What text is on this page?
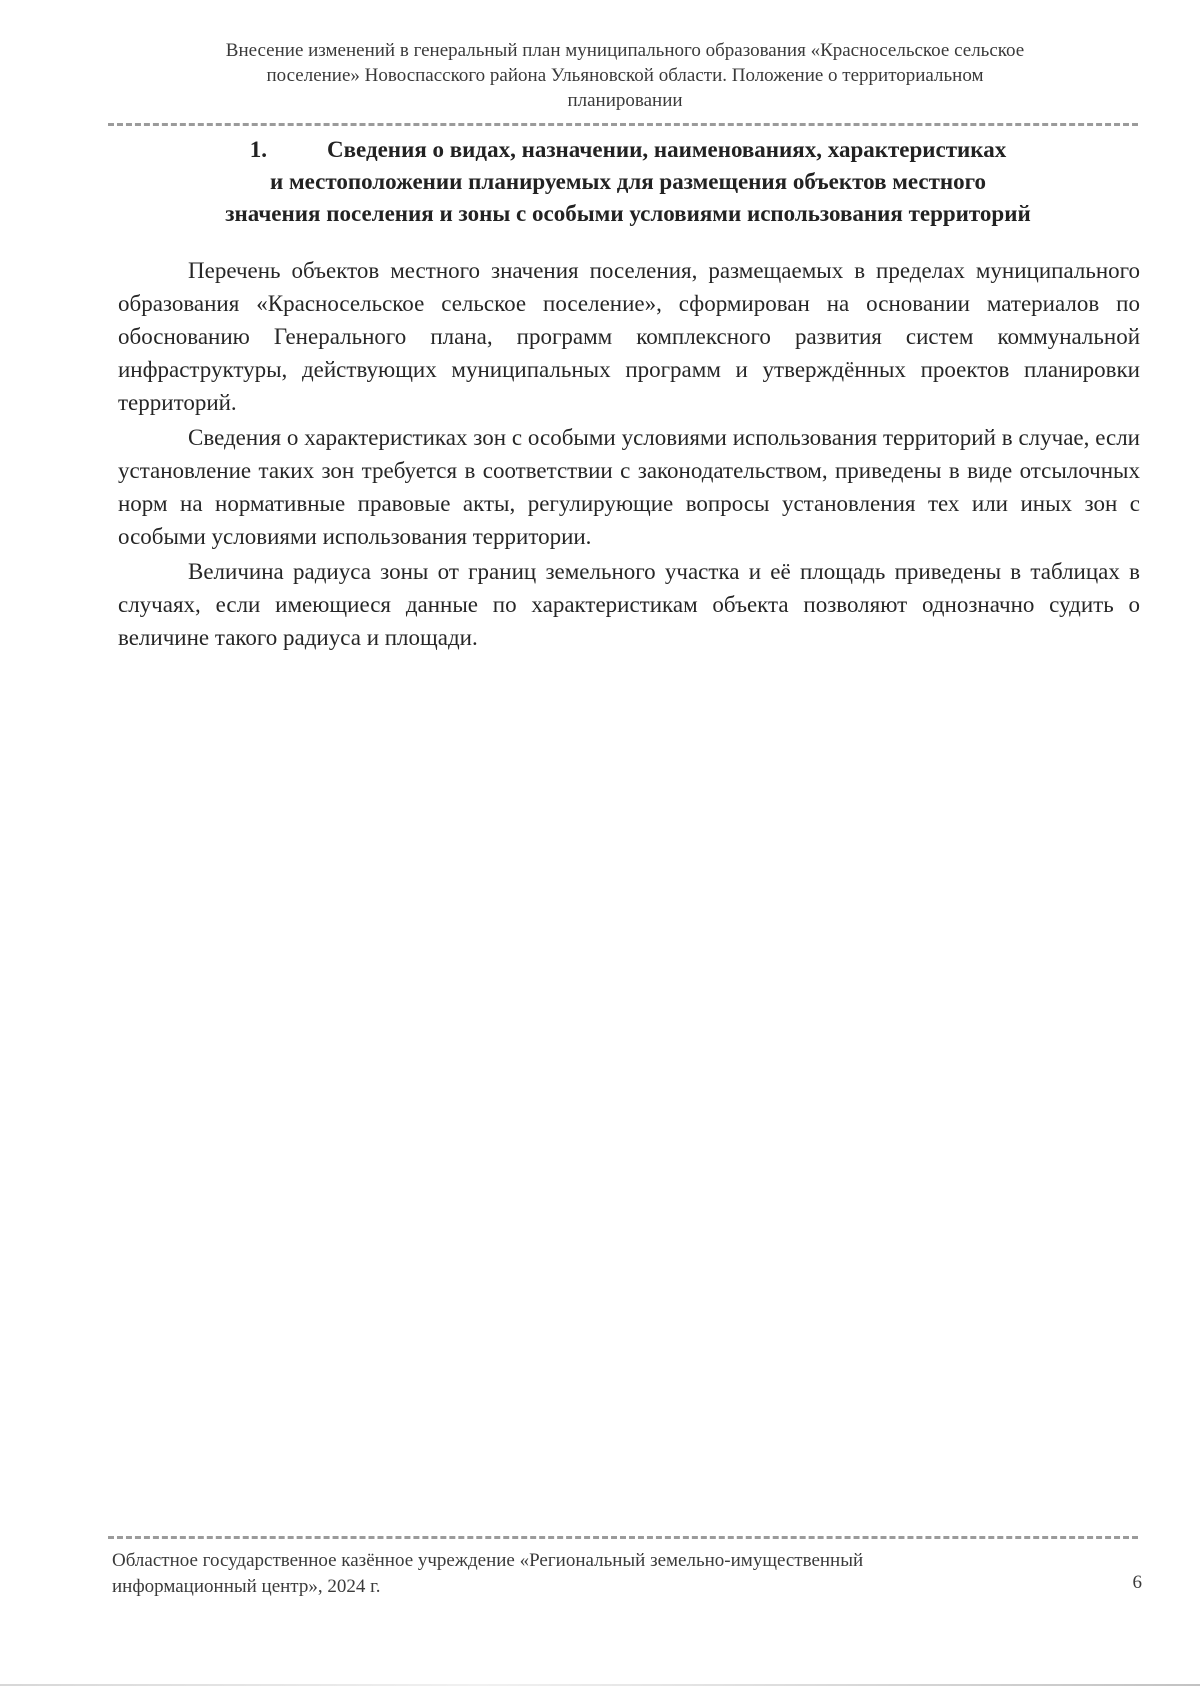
Внесение изменений в генеральный план муниципального образования «Красносельское сельское
поселение» Новоспасского района Ульяновской области. Положение о территориальном
планировании
1.	Сведения о видах, назначении, наименованиях, характеристиках
и местоположении планируемых для размещения объектов местного
значения поселения и зоны с особыми условиями использования территорий

Перечень объектов местного значения поселения, размещаемых в пределах муниципального образования «Красносельское сельское поселение», сформирован на основании материалов по обоснованию Генерального плана, программ комплексного развития систем коммунальной инфраструктуры, действующих муниципальных программ и утверждённых проектов планировки территорий.

Сведения о характеристиках зон с особыми условиями использования территорий в случае, если установление таких зон требуется в соответствии с законодательством, приведены в виде отсылочных норм на нормативные правовые акты, регулирующие вопросы установления тех или иных зон с особыми условиями использования территории.

Величина радиуса зоны от границ земельного участка и её площадь приведены в таблицах в случаях, если имеющиеся данные по характеристикам объекта позволяют однозначно судить о величине такого радиуса и площади.

Областное государственное казённое учреждение «Региональный земельно-имущественный
информационный центр», 2024 г.	6
